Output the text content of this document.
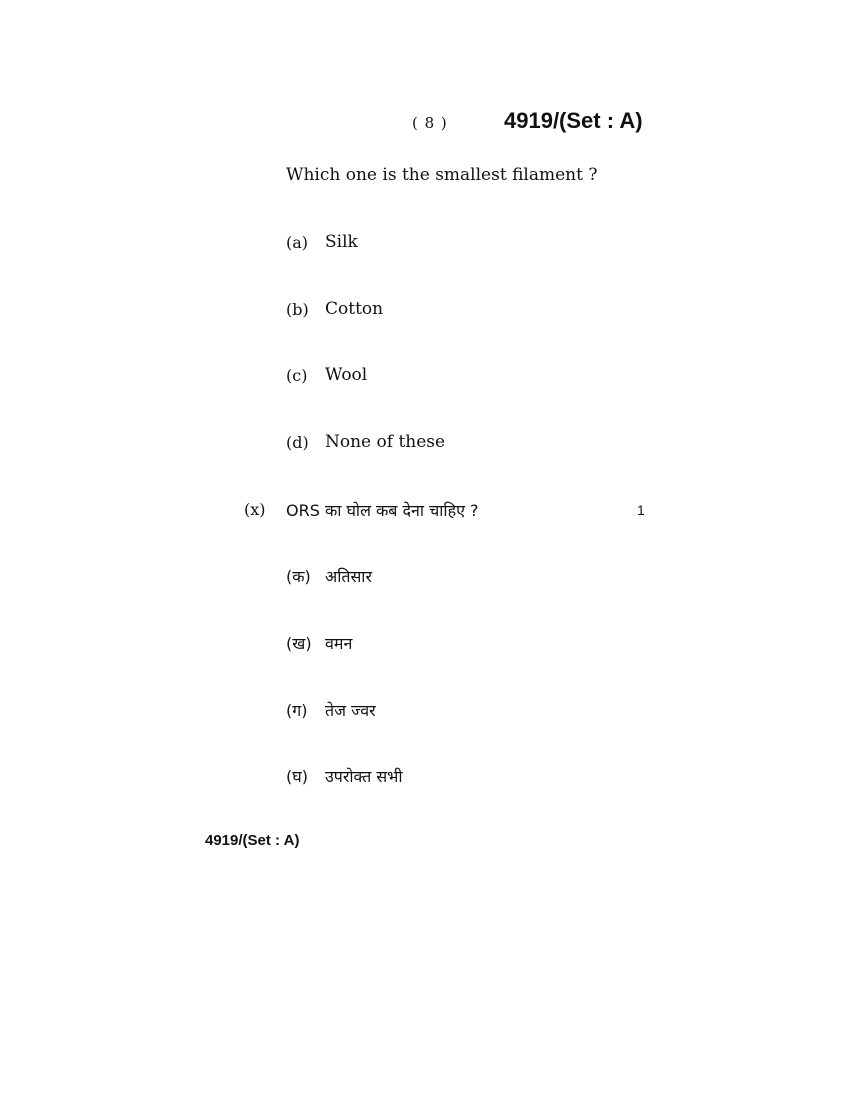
( 8 )	4919/(Set : A)
Which one is the smallest filament ?
(a) Silk
(b) Cotton
(c) Wool
(d) None of these
(x) ORS का घोल कब देना चाहिए ?	1
(क) अतिसार
(ख) वमन
(ग) तेज ज्वर
(घ) उपरोक्त सभी
4919/(Set : A)
